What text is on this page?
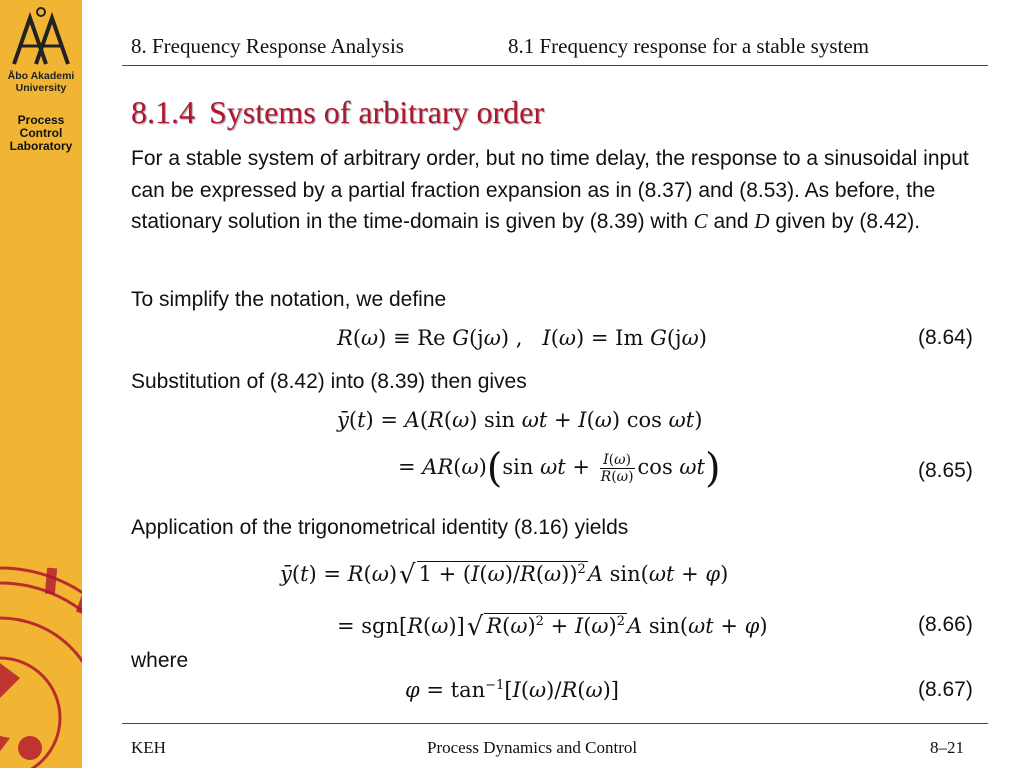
Åbo Akademi University
Process Control Laboratory
8. Frequency Response Analysis	8.1 Frequency response for a stable system
8.1.4 Systems of arbitrary order
For a stable system of arbitrary order, but no time delay, the response to a sinusoidal input can be expressed by a partial fraction expansion as in (8.37) and (8.53). As before, the stationary solution in the time-domain is given by (8.39) with C and D given by (8.42).
To simplify the notation, we define
R(ω) ≡ Re G(jω) ,   I(ω) = Im G(jω)	(8.64)
Substitution of (8.42) into (8.39) then gives
ȳ(t) = A(R(ω) sin ωt + I(ω) cos ωt)
= AR(ω)(sin $\omega t + \frac{I(\omega)}{R(\omega)}$ cos ωt)	(8.65)
Application of the trigonometrical identity (8.16) yields
ȳ(t) = R(ω)√ $1 + (I(\omega)/R(\omega))^2A$ sin(ωt + φ)
= sgn[R(ω)]√ $R(\omega)^2 + I(\omega)^2A$ sin(ωt + φ)	(8.66)
where
$\varphi = \tan^{-1}[I(\omega)/R(\omega)]$	(8.67)
KEH	Process Dynamics and Control	8–21
